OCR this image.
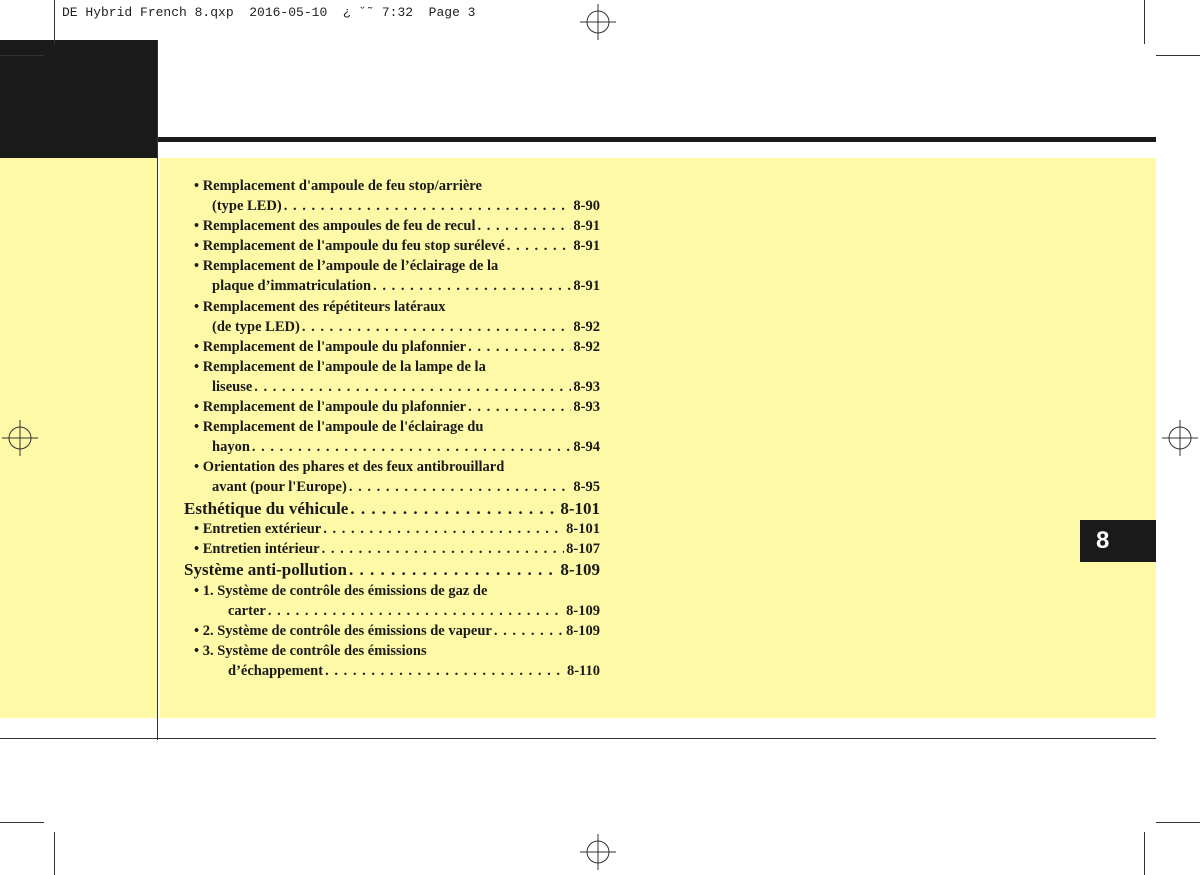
DE Hybrid French 8.qxp  2016-05-10  ¿ ˘˜ 7:32  Page 3
8
• Remplacement d'ampoule de feu stop/arrière
(type LED) . . .	8-90
• Remplacement des ampoules de feu de recul . . .	8-91
• Remplacement de l'ampoule du feu stop surélevé . . .	8-91
• Remplacement de l’ampoule de l’éclairage de la
plaque d’immatriculation . . .	8-91
• Remplacement des répétiteurs latéraux
(de type LED) . . .	8-92
• Remplacement de l'ampoule du plafonnier . . .	8-92
• Remplacement de l'ampoule de la lampe de la
liseuse . . .	8-93
• Remplacement de l'ampoule du plafonnier . . .	8-93
• Remplacement de l'ampoule de l'éclairage du
hayon . . .	8-94
• Orientation des phares et des feux antibrouillard
avant (pour l'Europe) . . .	8-95
Esthétique du véhicule . . .	8-101
• Entretien extérieur . . .	8-101
• Entretien intérieur . . .	8-107
Système anti-pollution . . .	8-109
• 1. Système de contrôle des émissions de gaz de
carter . . .	8-109
• 2. Système de contrôle des émissions de vapeur . . .	8-109
• 3. Système de contrôle des émissions
d’échappement . . .	8-110
